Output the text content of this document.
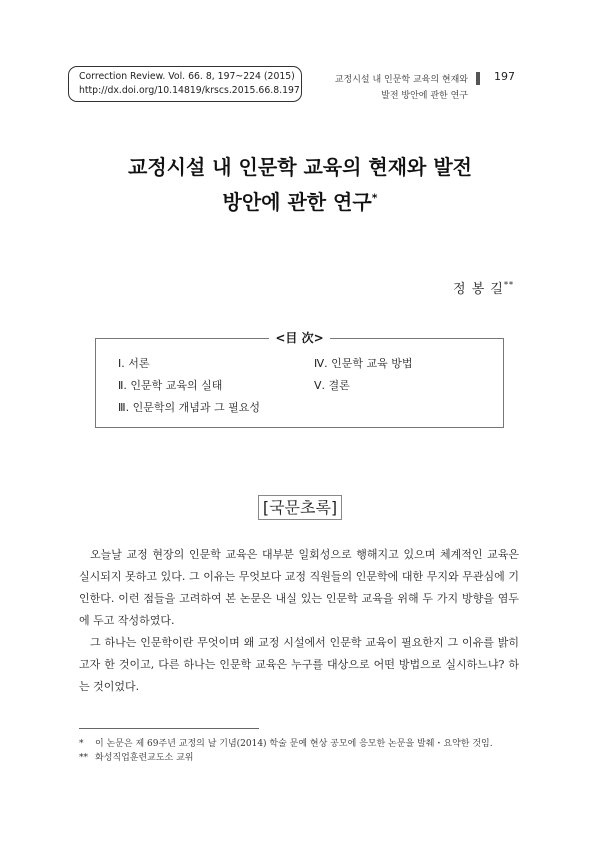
Correction Review. Vol. 66. 8, 197~224 (2015)
http://dx.doi.org/10.14819/krscs.2015.66.8.197
교정시설 내 인문학 교육의 현재와
발전 방안에 관한 연구
197
교정시설 내 인문학 교육의 현재와 발전
방안에 관한 연구*
정 봉 길**
<目 次>
Ⅰ. 서론
Ⅱ. 인문학 교육의 실태
Ⅲ. 인문학의 개념과 그 필요성
Ⅳ. 인문학 교육 방법
Ⅴ. 결론
[국문초록]

오늘날 교정 현장의 인문학 교육은 대부분 일회성으로 행해지고 있으며 체계적인 교육은 실시되지 못하고 있다. 그 이유는 무엇보다 교정 직원들의 인문학에 대한 무지와 무관심에 기인한다. 이런 점들을 고려하여 본 논문은 내실 있는 인문학 교육을 위해 두 가지 방향을 염두에 두고 작성하였다.

그 하나는 인문학이란 무엇이며 왜 교정 시설에서 인문학 교육이 필요한지 그 이유를 밝히고자 한 것이고, 다른 하나는 인문학 교육은 누구를 대상으로 어떤 방법으로 실시하느냐? 하는 것이었다.

*	이 논문은 제 69주년 교정의 날 기념(2014) 학술 문예 현상 공모에 응모한 논문을 발췌・요약한 것임.
** 화성직업훈련교도소 교위
